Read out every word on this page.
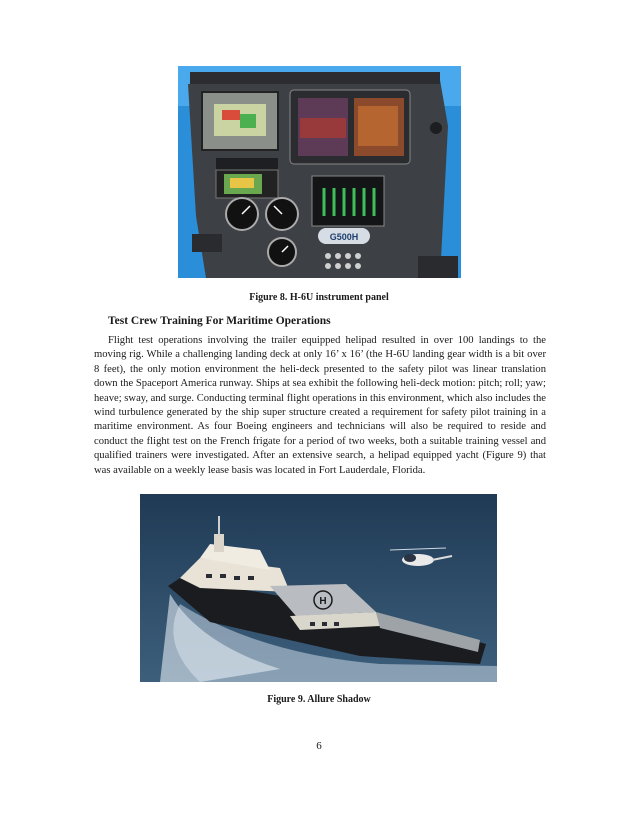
G500H
Figure 8. H-6U instrument panel
Test Crew Training For Maritime Operations
Flight test operations involving the trailer equipped helipad resulted in over 100 landings to the moving rig. While a challenging landing deck at only 16’ x 16’ (the H-6U landing gear width is a bit over 8 feet), the only motion environment the heli-deck presented to the safety pilot was linear translation down the Spaceport America runway. Ships at sea exhibit the following heli-deck motion: pitch; roll; yaw; heave; sway, and surge. Conducting terminal flight operations in this environment, which also includes the wind turbulence generated by the ship super structure created a requirement for safety pilot training in a maritime environment. As four Boeing engineers and technicians will also be required to reside and conduct the flight test on the French frigate for a period of two weeks, both a suitable training vessel and qualified trainers were investigated. After an extensive search, a helipad equipped yacht (Figure 9) that was available on a weekly lease basis was located in Fort Lauderdale, Florida.
H
Figure 9. Allure Shadow
6
